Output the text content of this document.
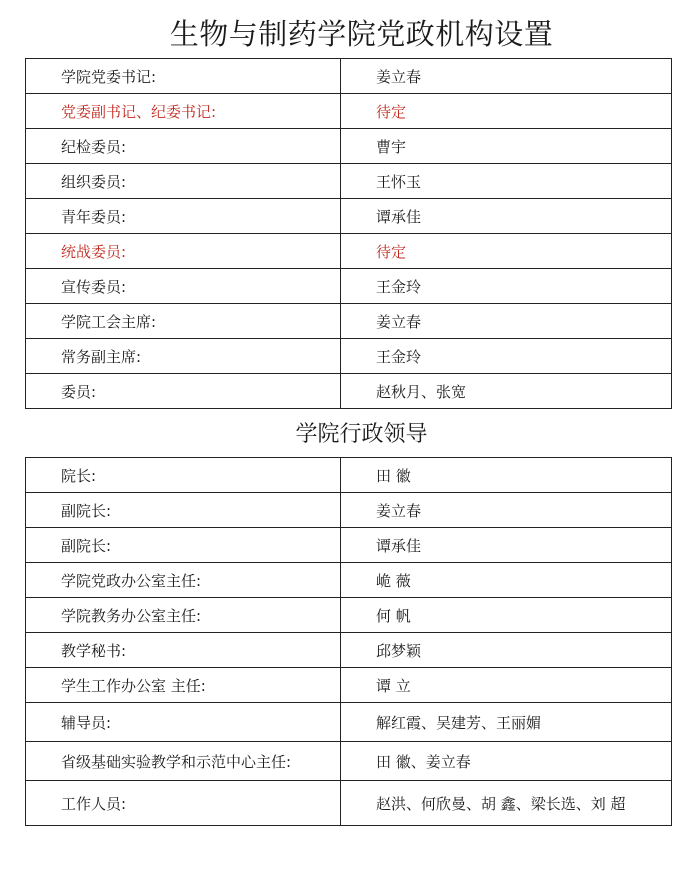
生物与制药学院党政机构设置
学院党委书记:	姜立春
党委副书记、纪委书记:	待定
纪检委员:	曹宇
组织委员:	王怀玉
青年委员:	谭承佳
统战委员:	待定
宣传委员:	王金玲
学院工会主席:	姜立春
常务副主席:	王金玲
委员:	赵秋月、张宽
学院行政领导
院长:	田 徽
副院长:	姜立春
副院长:	谭承佳
学院党政办公室主任:	峗 薇
学院教务办公室主任:	何 帆
教学秘书:	邱梦颖
学生工作办公室 主任:	谭 立
辅导员:	解红霞、吴建芳、王丽媚
省级基础实验教学和示范中心主任:	田 徽、姜立春
工作人员:	赵洪、何欣曼、胡 鑫、梁长选、刘 超
